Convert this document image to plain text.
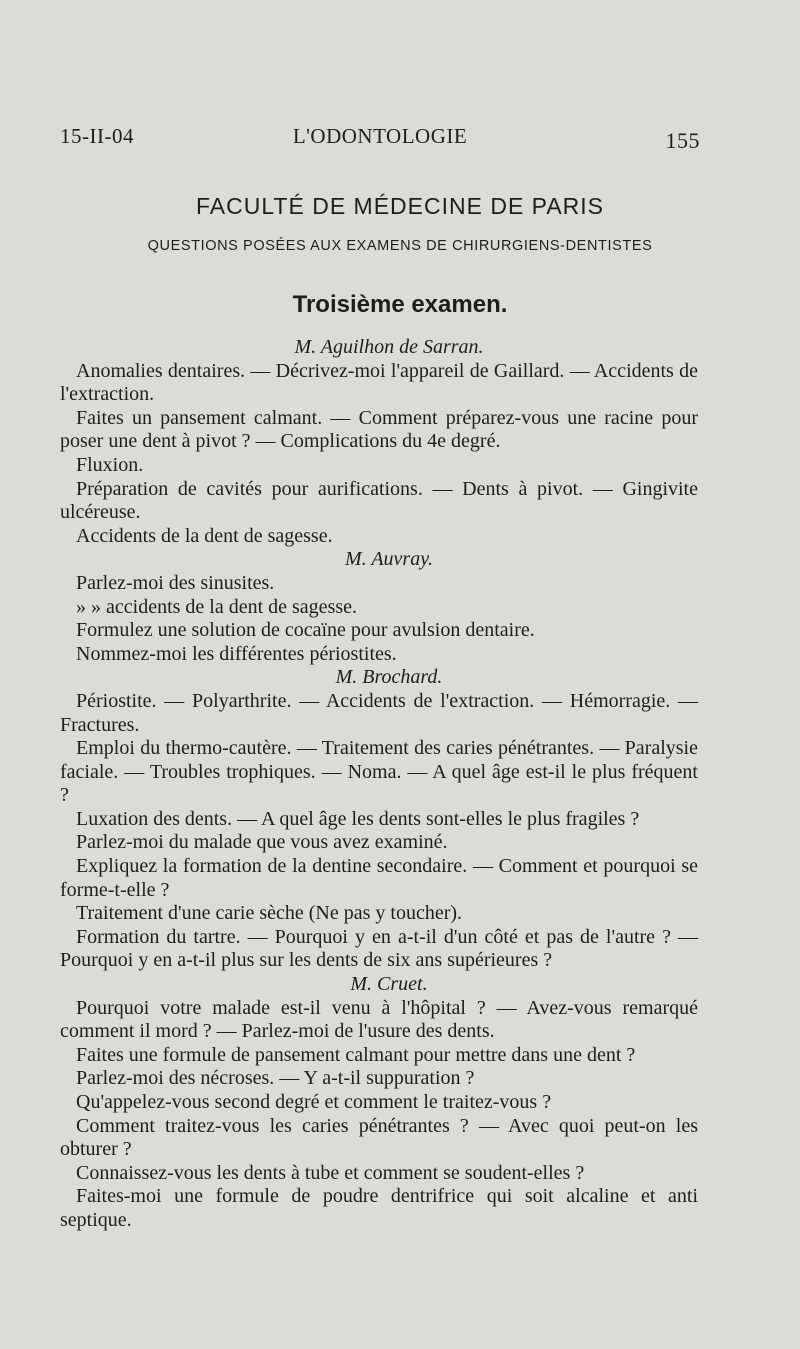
15-II-04	L'ODONTOLOGIE	155
FACULTÉ DE MÉDECINE DE PARIS
QUESTIONS POSÉES AUX EXAMENS DE CHIRURGIENS-DENTISTES
Troisième examen.

M. Aguilhon de Sarran.

Anomalies dentaires. — Décrivez-moi l'appareil de Gaillard. — Accidents de l'extraction.

Faites un pansement calmant. — Comment préparez-vous une racine pour poser une dent à pivot ? — Complications du 4e degré.

Fluxion.

Préparation de cavités pour aurifications. — Dents à pivot. — Gingivite ulcéreuse.

Accidents de la dent de sagesse.

M. Auvray.

Parlez-moi des sinusites.

» » accidents de la dent de sagesse.

Formulez une solution de cocaïne pour avulsion dentaire.

Nommez-moi les différentes périostites.

M. Brochard.

Périostite. — Polyarthrite. — Accidents de l'extraction. — Hémorragie. — Fractures.

Emploi du thermo-cautère. — Traitement des caries pénétrantes. — Paralysie faciale. — Troubles trophiques. — Noma. — A quel âge est-il le plus fréquent ?

Luxation des dents. — A quel âge les dents sont-elles le plus fragiles ?

Parlez-moi du malade que vous avez examiné.

Expliquez la formation de la dentine secondaire. — Comment et pourquoi se forme-t-elle ?

Traitement d'une carie sèche (Ne pas y toucher).

Formation du tartre. — Pourquoi y en a-t-il d'un côté et pas de l'autre ? — Pourquoi y en a-t-il plus sur les dents de six ans supérieures ?

M. Cruet.

Pourquoi votre malade est-il venu à l'hôpital ? — Avez-vous remarqué comment il mord ? — Parlez-moi de l'usure des dents.

Faites une formule de pansement calmant pour mettre dans une dent ?

Parlez-moi des nécroses. — Y a-t-il suppuration ?

Qu'appelez-vous second degré et comment le traitez-vous ?

Comment traitez-vous les caries pénétrantes ? — Avec quoi peut-on les obturer ?

Connaissez-vous les dents à tube et comment se soudent-elles ?

Faites-moi une formule de poudre dentrifrice qui soit alcaline et anti septique.
